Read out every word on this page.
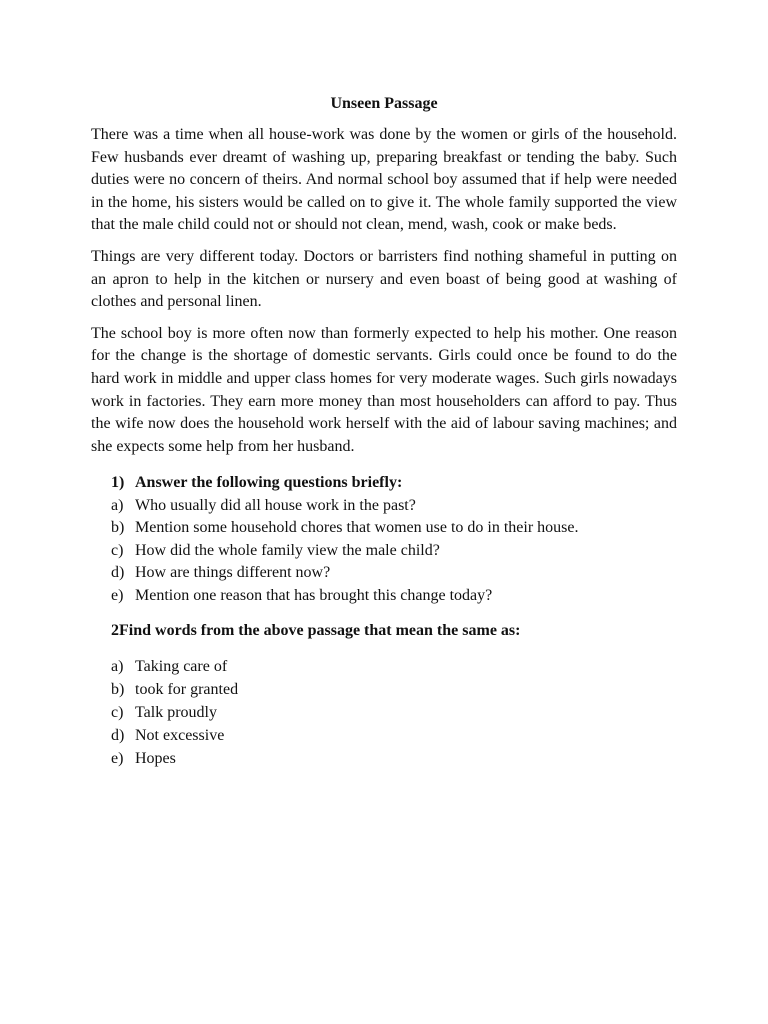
Unseen Passage

There was a time when all house-work was done by the women or girls of the household. Few husbands ever dreamt of washing up, preparing breakfast or tending the baby. Such duties were no concern of theirs. And normal school boy assumed that if help were needed in the home, his sisters would be called on to give it. The whole family supported the view that the male child could not or should not clean, mend, wash, cook or make beds.

Things are very different today. Doctors or barristers find nothing shameful in putting on an apron to help in the kitchen or nursery and even boast of being good at washing of clothes and personal linen.

The school boy is more often now than formerly expected to help his mother. One reason for the change is the shortage of domestic servants. Girls could once be found to do the hard work in middle and upper class homes for very moderate wages. Such girls nowadays work in factories. They earn more money than most householders can afford to pay. Thus the wife now does the household work herself with the aid of labour saving machines; and she expects some help from her husband.

1) Answer the following questions briefly:
a) Who usually did all house work in the past?
b) Mention some household chores that women use to do in their house.
c) How did the whole family view the male child?
d) How are things different now?
e) Mention one reason that has brought this change today?
2Find words from the above passage that mean the same as:
a) Taking care of
b) took for granted
c) Talk proudly
d) Not excessive
e) Hopes
